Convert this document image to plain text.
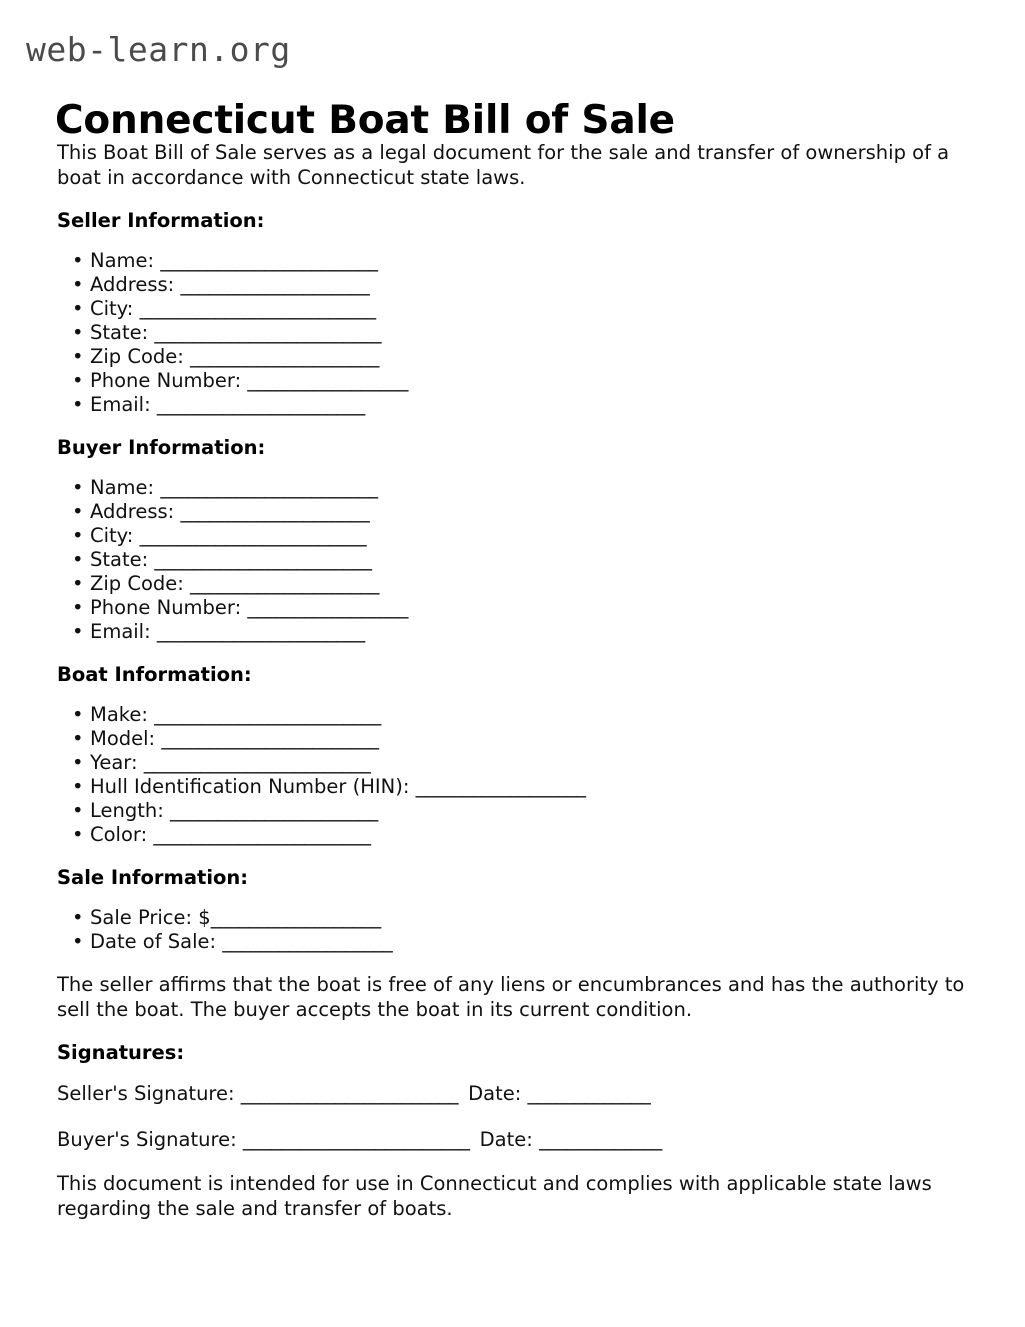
web-learn.org
Connecticut Boat Bill of Sale

This Boat Bill of Sale serves as a legal document for the sale and transfer of ownership of a boat in accordance with Connecticut state laws.

Seller Information:
• Name: _______________________
• Address: ____________________
• City: _________________________
• State: ________________________
• Zip Code: ____________________
• Phone Number: _________________
• Email: ______________________
Buyer Information:
• Name: _______________________
• Address: ____________________
• City: ________________________
• State: _______________________
• Zip Code: ____________________
• Phone Number: _________________
• Email: ______________________
Boat Information:
• Make: ________________________
• Model: _______________________
• Year: ________________________
• Hull Identification Number (HIN): __________________
• Length: ______________________
• Color: _______________________
Sale Information:
• Sale Price: $__________________
• Date of Sale: __________________

The seller affirms that the boat is free of any liens or encumbrances and has the authority to sell the boat. The buyer accepts the boat in its current condition.

Signatures:
Seller's Signature: _______________________ Date: _____________
Buyer's Signature: ________________________ Date: _____________

This document is intended for use in Connecticut and complies with applicable state laws regarding the sale and transfer of boats.
